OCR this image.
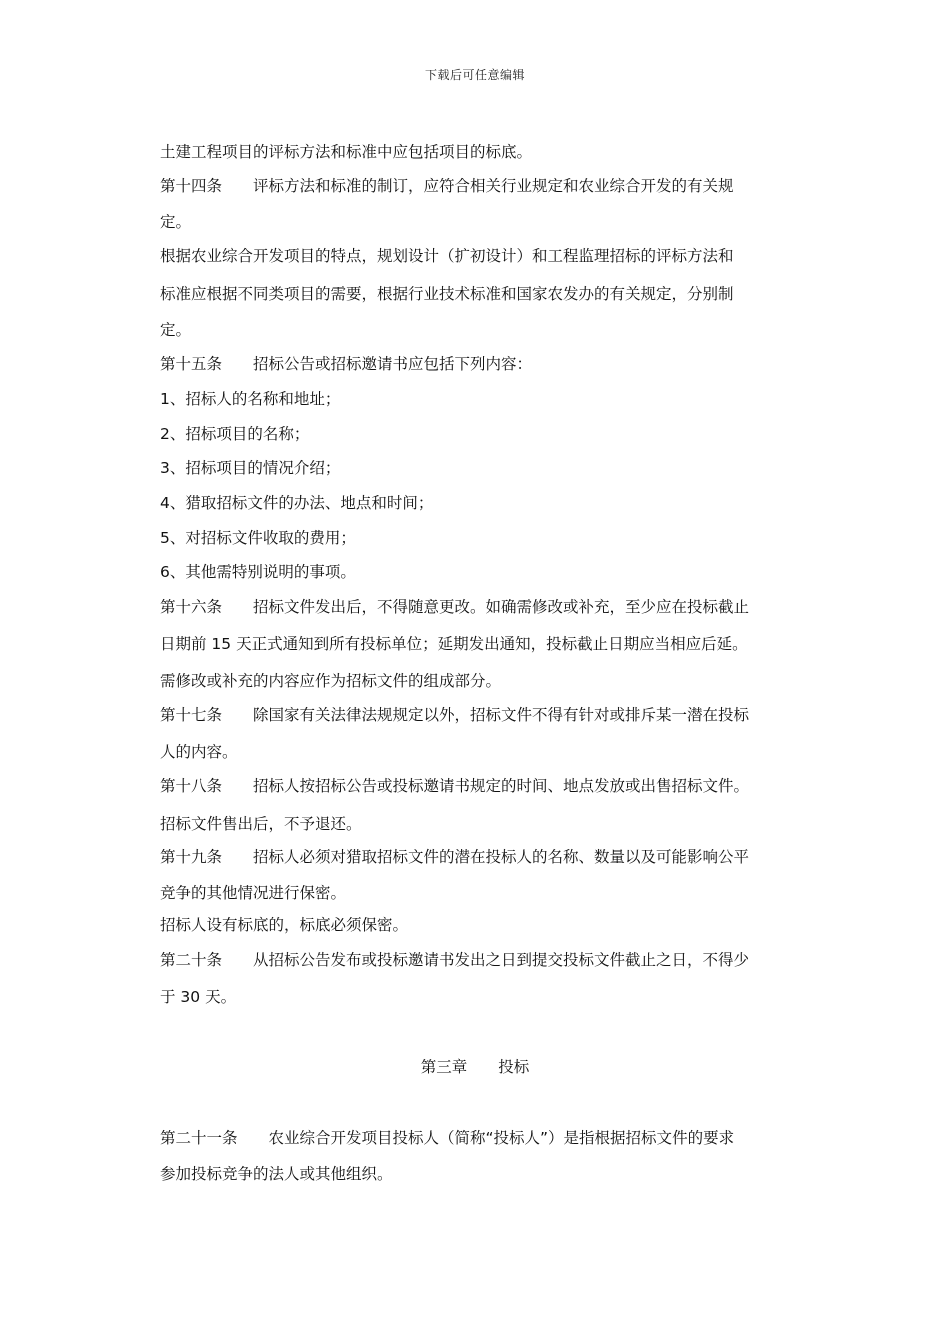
下载后可任意编辑
土建工程项目的评标方法和标准中应包括项目的标底。
第十四条　　评标方法和标准的制订，应符合相关行业规定和农业综合开发的有关规
定。
根据农业综合开发项目的特点，规划设计（扩初设计）和工程监理招标的评标方法和
标准应根据不同类项目的需要，根据行业技术标准和国家农发办的有关规定，分别制
定。
第十五条　　招标公告或招标邀请书应包括下列内容：
1、招标人的名称和地址；
2、招标项目的名称；
3、招标项目的情况介绍；
4、猎取招标文件的办法、地点和时间；
5、对招标文件收取的费用；
6、其他需特别说明的事项。
第十六条　　招标文件发出后，不得随意更改。如确需修改或补充，至少应在投标截止
日期前 15 天正式通知到所有投标单位；延期发出通知，投标截止日期应当相应后延。
需修改或补充的内容应作为招标文件的组成部分。
第十七条　　除国家有关法律法规规定以外，招标文件不得有针对或排斥某一潜在投标
人的内容。
第十八条　　招标人按招标公告或投标邀请书规定的时间、地点发放或出售招标文件。
招标文件售出后，不予退还。
第十九条　　招标人必须对猎取招标文件的潜在投标人的名称、数量以及可能影响公平
竞争的其他情况进行保密。
招标人设有标底的，标底必须保密。
第二十条　　从招标公告发布或投标邀请书发出之日到提交投标文件截止之日，不得少
于 30 天。
第三章　　投标
第二十一条　　农业综合开发项目投标人（简称“投标人”）是指根据招标文件的要求
参加投标竞争的法人或其他组织。
